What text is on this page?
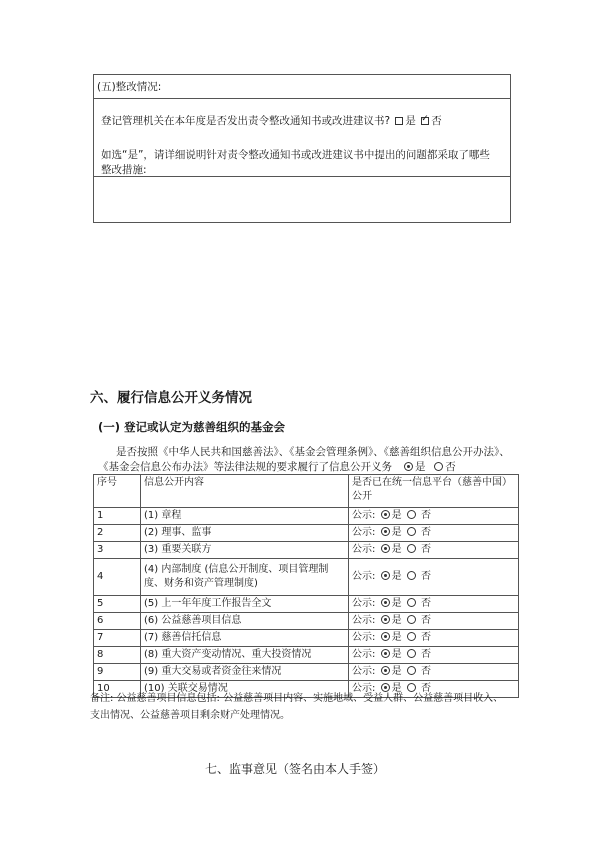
(五)整改情况:
登记管理机关在本年度是否发出责令整改通知书或改进建议书? 是 ✓ 否
如选“是”，请详细说明针对责令整改通知书或改进建议书中提出的问题都采取了哪些
整改措施:
六、履行信息公开义务情况
(一) 登记或认定为慈善组织的基金会
是否按照《中华人民共和国慈善法》、《基金会管理条例》、《慈善组织信息公开办法》、
《基金会信息公布办法》等法律法规的要求履行了信息公开义务 是 否
序号	信息公开内容	是否已在统一信息平台（慈善中国）公开
1	(1) 章程	公示: 是 否
2	(2) 理事、监事	公示: 是 否
3	(3) 重要关联方	公示: 是 否
4	(4) 内部制度 (信息公开制度、项目管理制度、财务和资产管理制度)	公示: 是 否
5	(5) 上一年年度工作报告全文	公示: 是 否
6	(6) 公益慈善项目信息	公示: 是 否
7	(7) 慈善信托信息	公示: 是 否
8	(8) 重大资产变动情况、重大投资情况	公示: 是 否
9	(9) 重大交易或者资金往来情况	公示: 是 否
10	(10) 关联交易情况	公示: 是 否
备注: 公益慈善项目信息包括: 公益慈善项目内容、实施地域、受益人群、公益慈善项目收入、
支出情况、公益慈善项目剩余财产处理情况。
七、监事意见（签名由本人手签）
